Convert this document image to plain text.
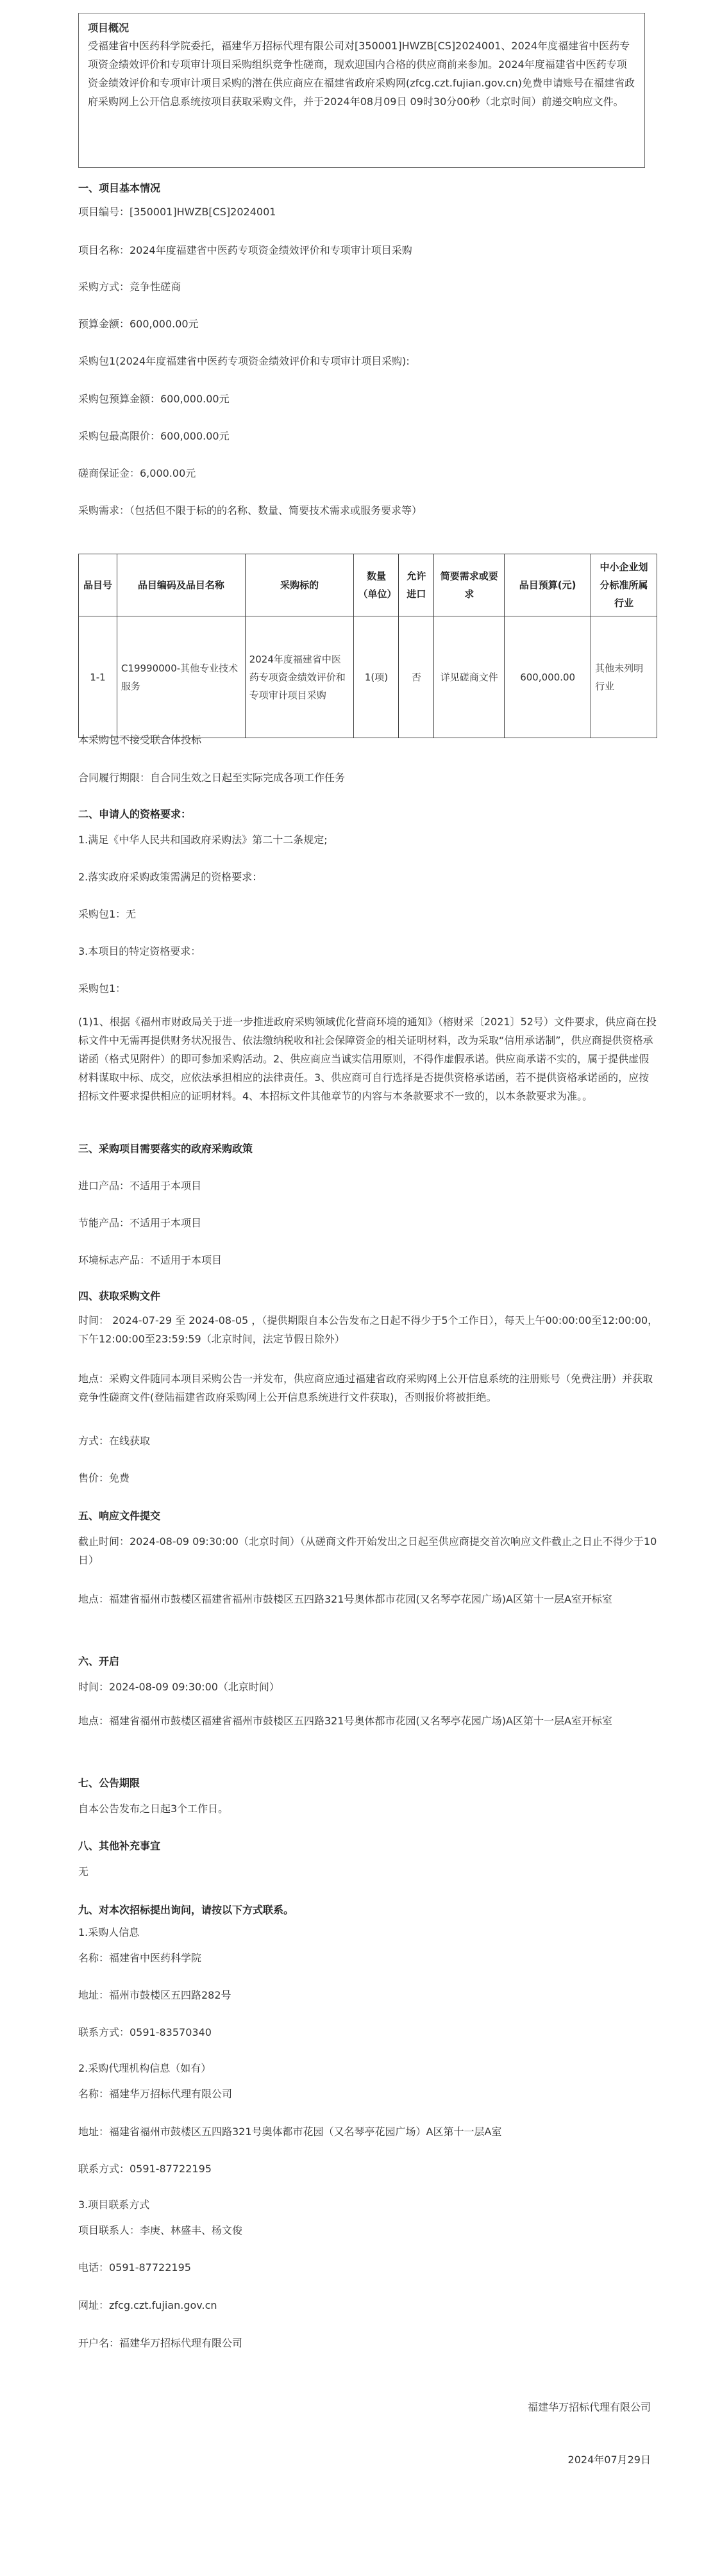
项目概况
受福建省中医药科学院委托，福建华万招标代理有限公司对[350001]HWZB[CS]2024001、2024年度福建省中医药专项资金绩效评价和专项审计项目采购组织竞争性磋商，现欢迎国内合格的供应商前来参加。2024年度福建省中医药专项资金绩效评价和专项审计项目采购的潜在供应商应在福建省政府采购网(zfcg.czt.fujian.gov.cn)免费申请账号在福建省政府采购网上公开信息系统按项目获取采购文件，并于2024年08月09日 09时30分00秒（北京时间）前递交响应文件。
一、项目基本情况
项目编号：[350001]HWZB[CS]2024001
项目名称：2024年度福建省中医药专项资金绩效评价和专项审计项目采购
采购方式：竞争性磋商
预算金额：600,000.00元
采购包1(2024年度福建省中医药专项资金绩效评价和专项审计项目采购):
采购包预算金额：600,000.00元
采购包最高限价：600,000.00元
磋商保证金：6,000.00元
采购需求：（包括但不限于标的的名称、数量、简要技术需求或服务要求等）
品目号	品目编码及品目名称	采购标的	数量（单位）	允许进口	简要需求或要求	品目预算(元)	中小企业划分标准所属行业
1-1	C19990000-其他专业技术服务	2024年度福建省中医药专项资金绩效评价和专项审计项目采购	1(项)	否	详见磋商文件	600,000.00	其他未列明行业
本采购包不接受联合体投标
合同履行期限：自合同生效之日起至实际完成各项工作任务
二、申请人的资格要求：
1.满足《中华人民共和国政府采购法》第二十二条规定;
2.落实政府采购政策需满足的资格要求：
采购包1：无
3.本项目的特定资格要求：
采购包1：
(1)1、根据《福州市财政局关于进一步推进政府采购领域优化营商环境的通知》（榕财采〔2021〕52号）文件要求，供应商在投标文件中无需再提供财务状况报告、依法缴纳税收和社会保障资金的相关证明材料，改为采取“信用承诺制”，供应商提供资格承诺函（格式见附件）的即可参加采购活动。2、供应商应当诚实信用原则，不得作虚假承诺。供应商承诺不实的，属于提供虚假材料谋取中标、成交，应依法承担相应的法律责任。3、供应商可自行选择是否提供资格承诺函，若不提供资格承诺函的，应按招标文件要求提供相应的证明材料。4、本招标文件其他章节的内容与本条款要求不一致的，以本条款要求为准。。
三、采购项目需要落实的政府采购政策
进口产品：不适用于本项目
节能产品：不适用于本项目
环境标志产品：不适用于本项目
四、获取采购文件
时间： 2024-07-29 至 2024-08-05 ，（提供期限自本公告发布之日起不得少于5个工作日），每天上午00:00:00至12:00:00，下午12:00:00至23:59:59（北京时间，法定节假日除外）
地点：采购文件随同本项目采购公告一并发布，供应商应通过福建省政府采购网上公开信息系统的注册账号（免费注册）并获取竞争性磋商文件(登陆福建省政府采购网上公开信息系统进行文件获取)，否则报价将被拒绝。
方式：在线获取
售价：免费
五、响应文件提交
截止时间：2024-08-09 09:30:00（北京时间）（从磋商文件开始发出之日起至供应商提交首次响应文件截止之日止不得少于10日）
地点：福建省福州市鼓楼区福建省福州市鼓楼区五四路321号奥体都市花园(又名琴亭花园广场)A区第十一层A室开标室
六、开启
时间：2024-08-09 09:30:00（北京时间）
地点：福建省福州市鼓楼区福建省福州市鼓楼区五四路321号奥体都市花园(又名琴亭花园广场)A区第十一层A室开标室
七、公告期限
自本公告发布之日起3个工作日。
八、其他补充事宜
无
九、对本次招标提出询问，请按以下方式联系。
1.采购人信息
名称：福建省中医药科学院
地址：福州市鼓楼区五四路282号
联系方式：0591-83570340
2.采购代理机构信息（如有）
名称：福建华万招标代理有限公司
地址：福建省福州市鼓楼区五四路321号奥体都市花园（又名琴亭花园广场）A区第十一层A室
联系方式：0591-87722195
3.项目联系方式
项目联系人：李庚、林盛丰、杨文俊
电话：0591-87722195
网址：zfcg.czt.fujian.gov.cn
开户名：福建华万招标代理有限公司
福建华万招标代理有限公司
2024年07月29日
